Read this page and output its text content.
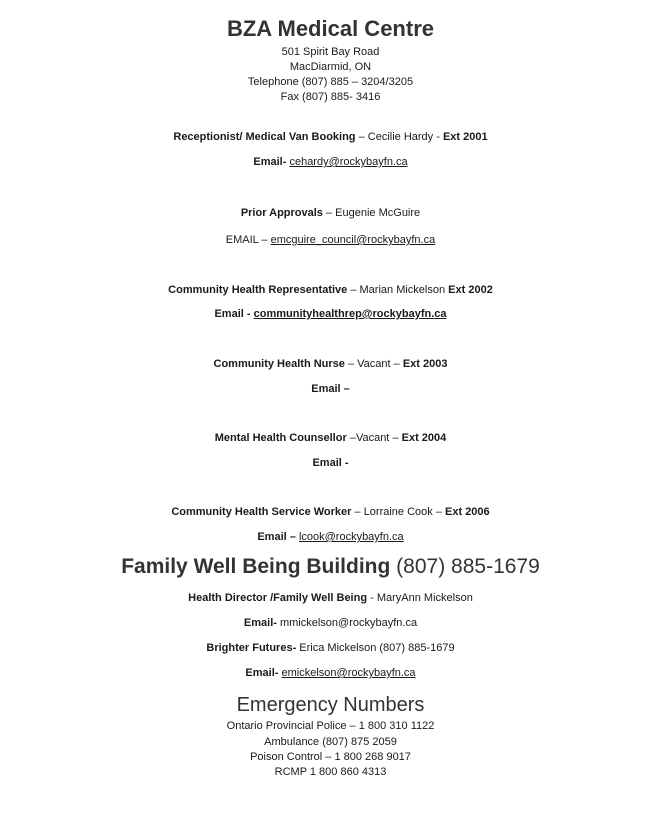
BZA Medical Centre
501 Spirit Bay Road
MacDiarmid, ON
Telephone (807) 885 – 3204/3205
Fax (807) 885- 3416
Receptionist/ Medical Van Booking – Cecilie Hardy - Ext 2001
Email- cehardy@rockybayfn.ca
Prior Approvals – Eugenie McGuire
EMAIL – emcguire_council@rockybayfn.ca
Community Health Representative – Marian Mickelson Ext 2002
Email - communityhealthrep@rockybayfn.ca
Community Health Nurse – Vacant – Ext 2003
Email –
Mental Health Counsellor –Vacant – Ext 2004
Email -
Community Health Service Worker – Lorraine Cook – Ext 2006
Email – lcook@rockybayfn.ca
Family Well Being Building (807) 885-1679
Health Director /Family Well Being - MaryAnn Mickelson
Email- mmickelson@rockybayfn.ca
Brighter Futures- Erica Mickelson (807) 885-1679
Email- emickelson@rockybayfn.ca
Emergency Numbers
Ontario Provincial Police – 1 800 310 1122
Ambulance (807) 875 2059
Poison Control – 1 800 268 9017
RCMP 1 800 860 4313
